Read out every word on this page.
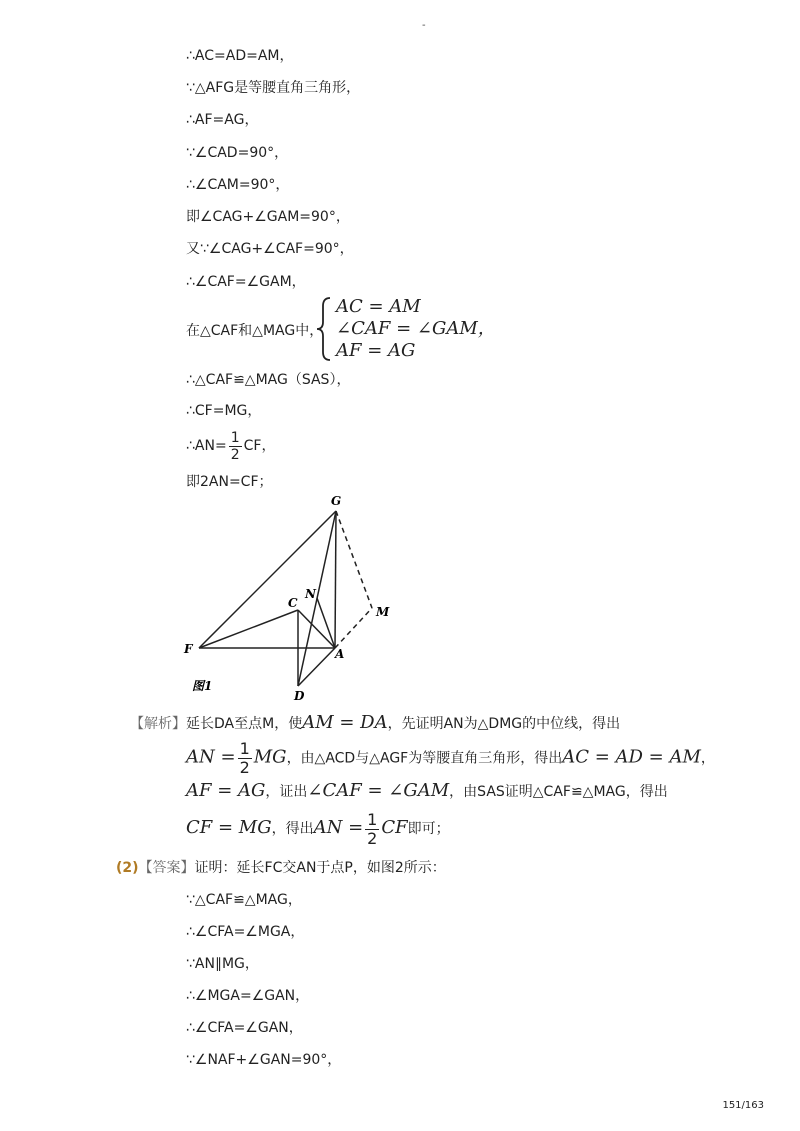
-
∴AC=AD=AM，
∵△AFG是等腰直角三角形，
∴AF=AG，
∵∠CAD=90°，
∴∠CAM=90°，
即∠CAG+∠GAM=90°，
又∵∠CAG+∠CAF=90°，
∴∠CAF=∠GAM，
在△CAF和△MAG中，
AC = AM
∠CAF = ∠GAM，
AF = AG
∴△CAF≌△MAG（SAS），
∴CF=MG，
∴AN= $\frac{1}{2}$ CF，
即2AN=CF；
G
C
N
M
F	A
D
图1
【解析】延长DA至点M，使AM = DA，先证明AN为△DMG的中位线，得出
AN = $\frac{1}{2}$ MG，由△ACD与△AGF为等腰直角三角形，得出AC = AD = AM，
AF = AG，证出∠CAF = ∠GAM，由SAS证明△CAF≌△MAG，得出
CF = MG，得出AN = $\frac{1}{2}$ CF即可；
(2)【答案】证明：延长FC交AN于点P，如图2所示：
∵△CAF≌△MAG，
∴∠CFA=∠MGA，
∵AN∥MG，
∴∠MGA=∠GAN，
∴∠CFA=∠GAN，
∵∠NAF+∠GAN=90°，
151/163
